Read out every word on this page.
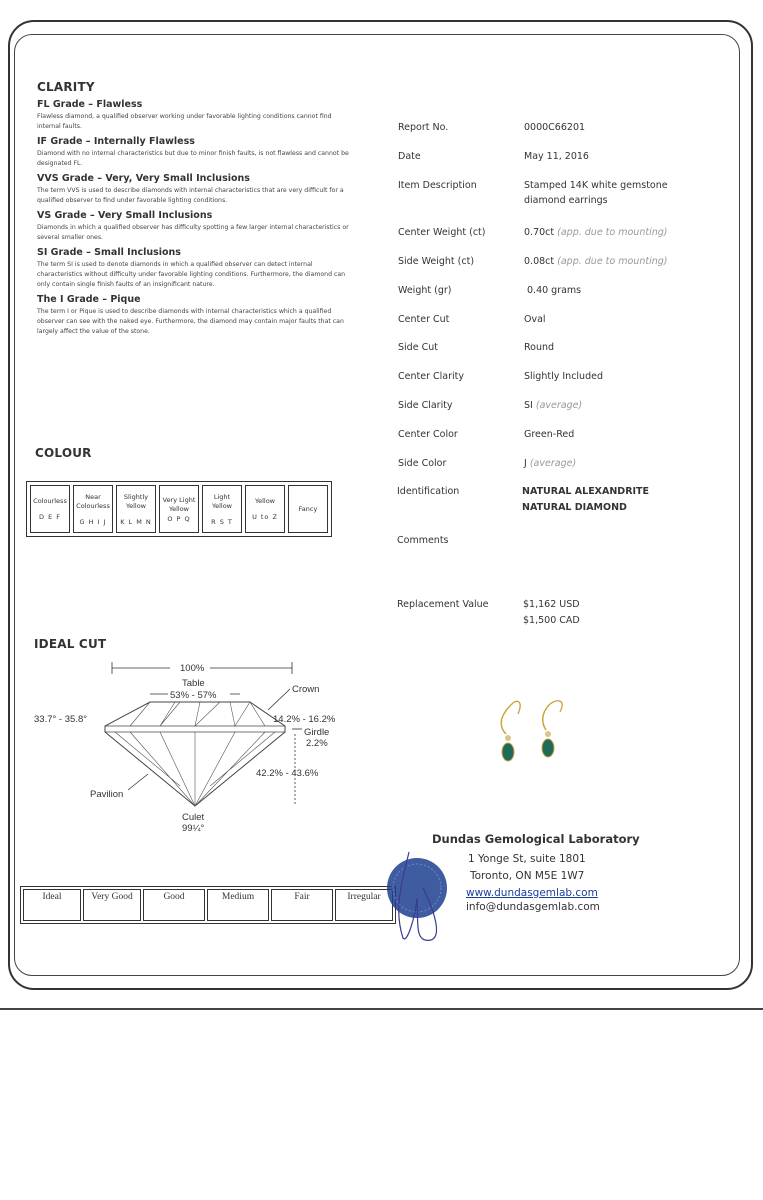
CLARITY
FL Grade – Flawless

Flawless diamond, a qualified observer working under favorable lighting conditions cannot find internal faults.

IF Grade – Internally Flawless

Diamond with no internal characteristics but due to minor finish faults, is not flawless and cannot be designated FL.

VVS Grade – Very, Very Small Inclusions

The term VVS is used to describe diamonds with internal characteristics that are very difficult for a qualified observer to find under favorable lighting conditions.

VS Grade – Very Small Inclusions

Diamonds in which a qualified observer has difficulty spotting a few larger internal characteristics or several smaller ones.

SI Grade – Small Inclusions

The term SI is used to denote diamonds in which a qualified observer can detect internal characteristics without difficulty under favorable lighting conditions. Furthermore, the diamond can only contain single finish faults of an insignificant nature.

The I Grade – Pique

The term I or Pique is used to describe diamonds with internal characteristics which a qualified observer can see with the naked eye. Furthermore, the diamond may contain major faults that can largely affect the value of the stone.

COLOUR
Colourless
D E F

Near Colourless
G H I J

Slightly Yellow
K L M N

Very Light Yellow
O P Q

Light Yellow
R S T

Yellow
U to Z

Fancy
IDEAL CUT
100%
Table
53% - 57%
Crown
33.7° - 35.8°	14.2% - 16.2%
Girdle
2.2%
42.2% - 43.6%
Pavilion
Culet
99¼°
Ideal	Very Good	Good	Medium	Fair	Irregular
Report No.	0000C66201
Date	May 11, 2016
Item Description	Stamped 14K white gemstone diamond earrings
Center Weight (ct)	0.70ct (app. due to mounting)
Side Weight (ct)	0.08ct (app. due to mounting)
Weight (gr)	0.40 grams
Center Cut	Oval
Side Cut	Round
Center Clarity	Slightly Included
Side Clarity	SI (average)
Center Color	Green-Red
Side Color	J (average)
Identification	NATURAL ALEXANDRITE
NATURAL DIAMOND
Comments
Replacement Value	$1,162 USD
$1,500 CAD
Dundas Gemological Laboratory
1 Yonge St, suite 1801
Toronto, ON M5E 1W7
www.dundasgemlab.com
info@dundasgemlab.com
